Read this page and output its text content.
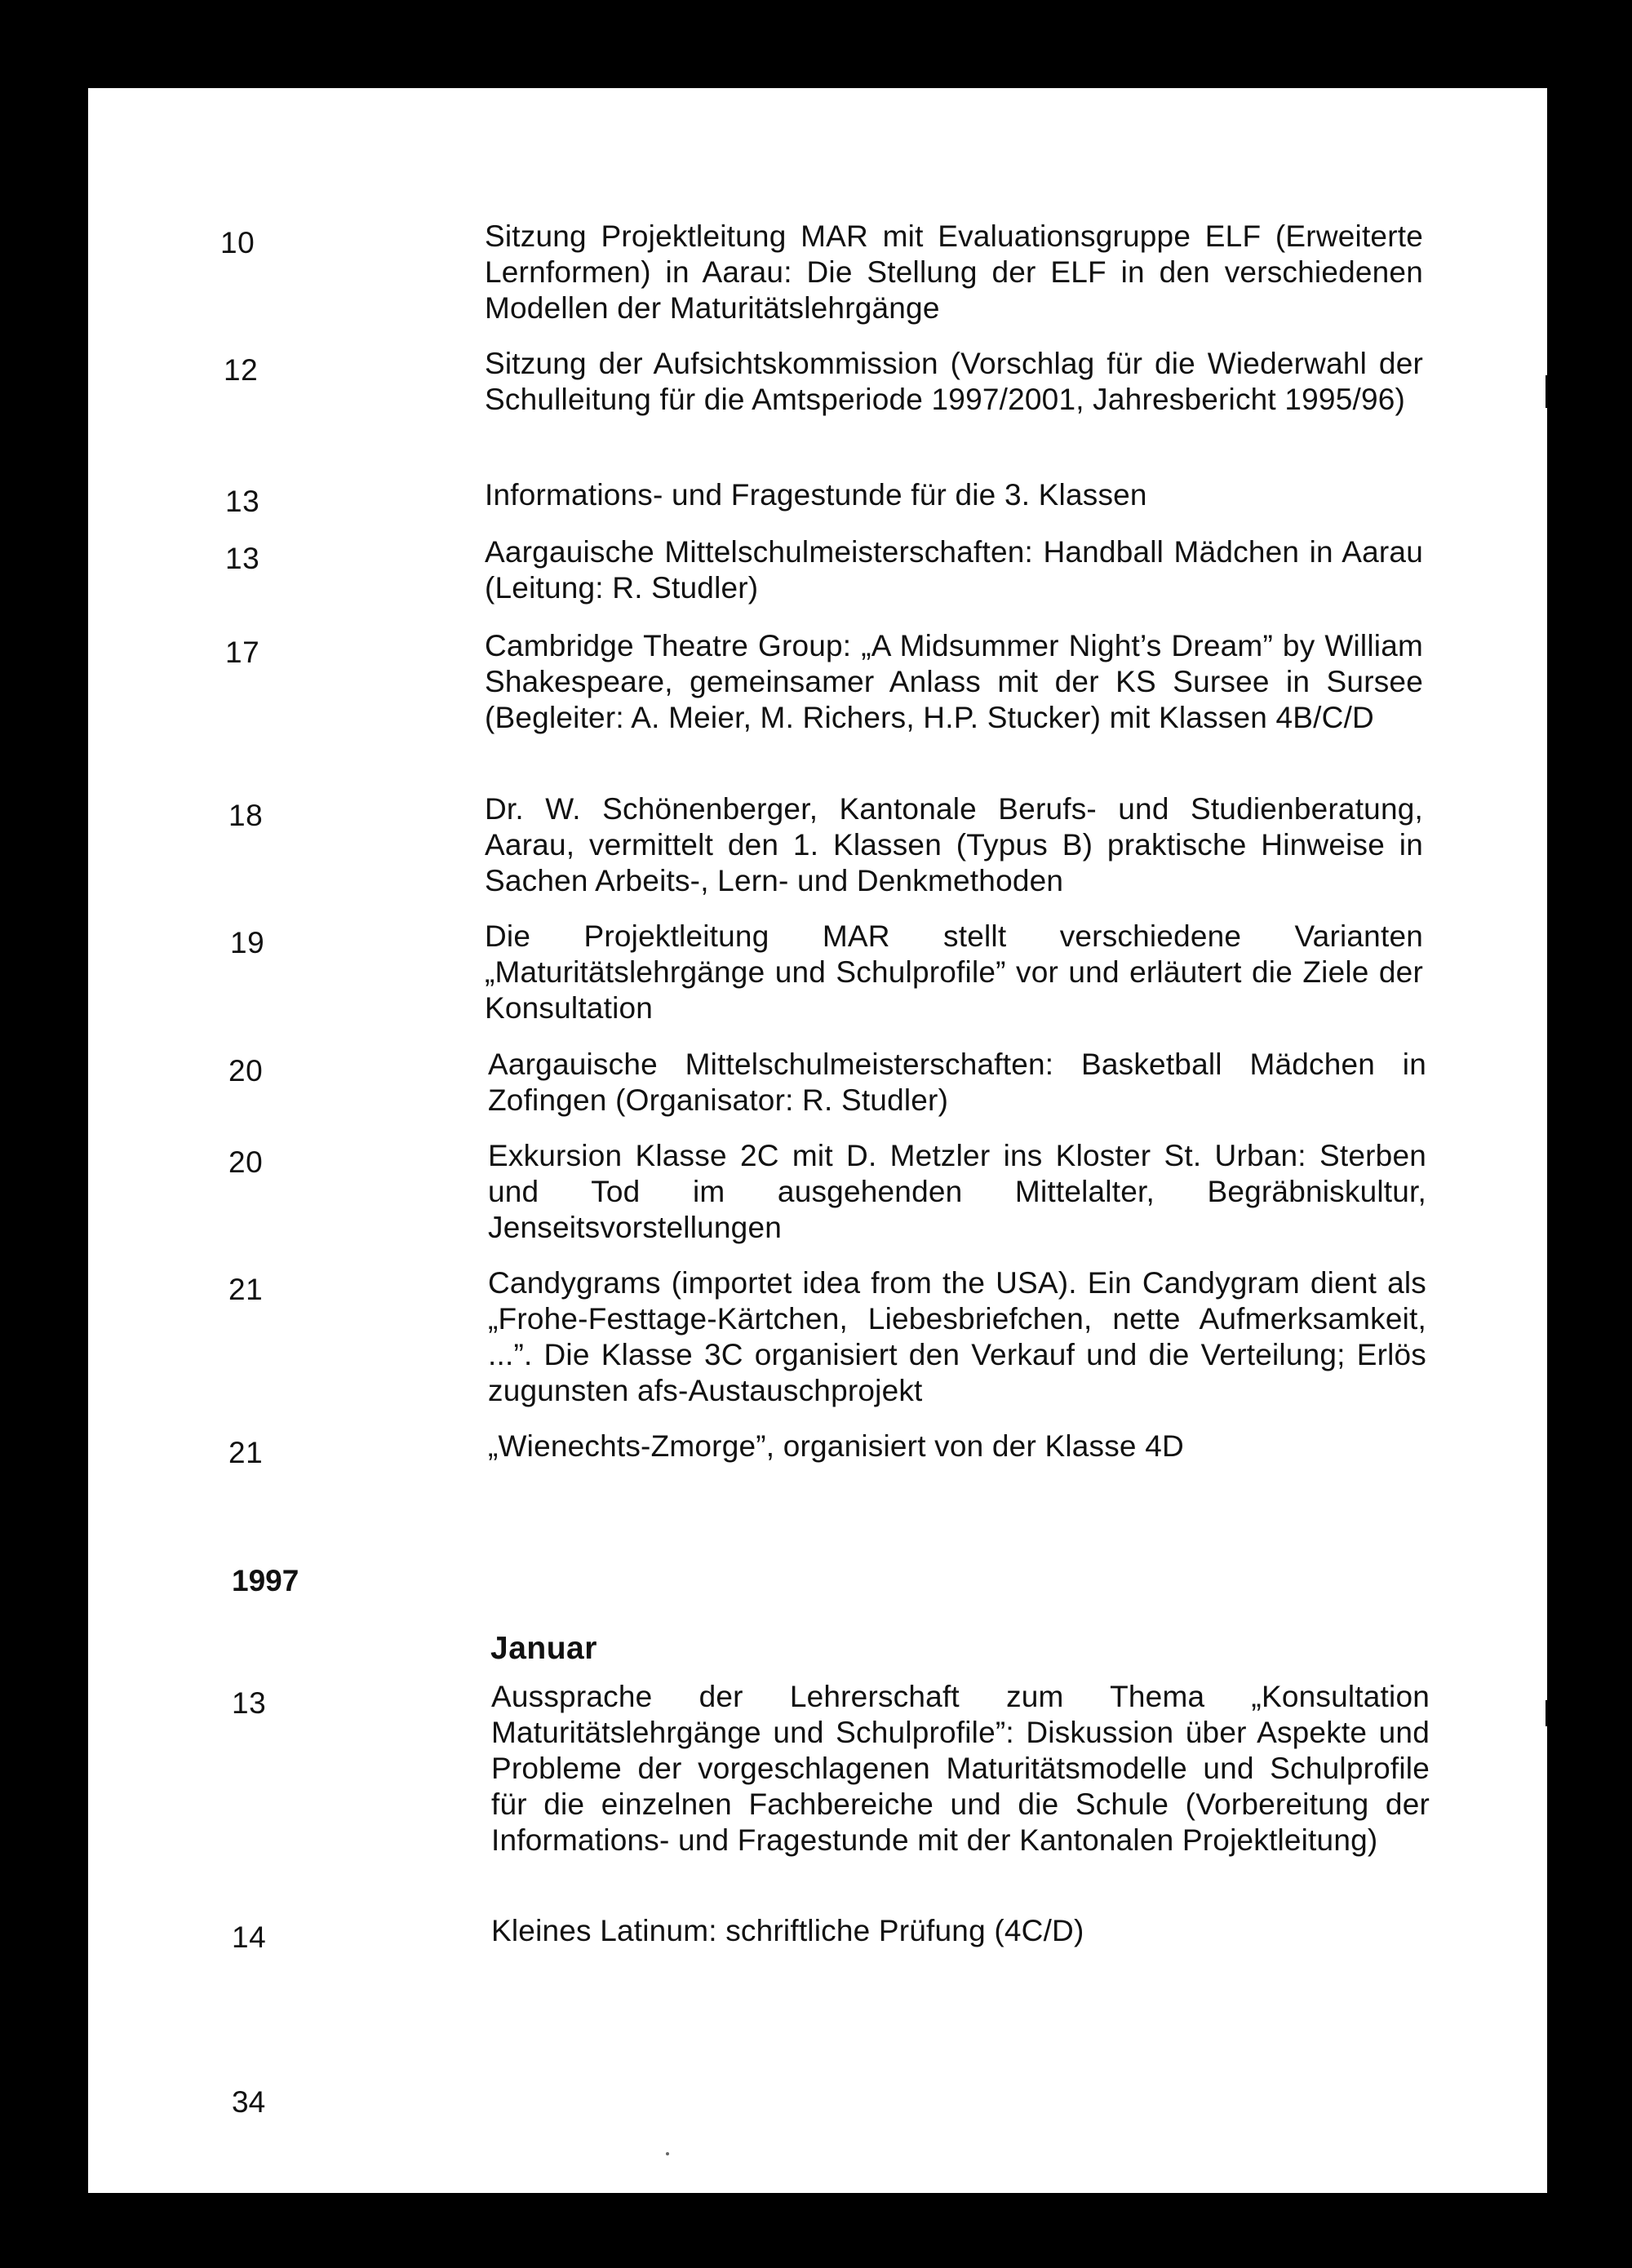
10	Sitzung Projektleitung MAR mit Evaluationsgruppe ELF (Erweiterte Lernformen) in Aarau: Die Stellung der ELF in den verschiedenen Modellen der Maturitätslehrgänge
12	Sitzung der Aufsichtskommission (Vorschlag für die Wiederwahl der Schulleitung für die Amtsperiode 1997/2001, Jahresbericht 1995/96)
13	Informations- und Fragestunde für die 3. Klassen
13	Aargauische Mittelschulmeisterschaften: Handball Mädchen in Aarau (Leitung: R. Studler)
17	Cambridge Theatre Group: „A Midsummer Night’s Dream” by William Shakespeare, gemeinsamer Anlass mit der KS Sursee in Sursee (Begleiter: A. Meier, M. Richers, H.P. Stucker) mit Klassen 4B/C/D
18	Dr. W. Schönenberger, Kantonale Berufs- und Studienberatung, Aarau, vermittelt den 1. Klassen (Typus B) praktische Hinweise in Sachen Arbeits-, Lern- und Denkmethoden
19	Die Projektleitung MAR stellt verschiedene Varianten „Maturitätslehrgänge und Schulprofile” vor und erläutert die Ziele der Konsultation
20	Aargauische Mittelschulmeisterschaften: Basketball Mädchen in Zofingen (Organisator: R. Studler)
20	Exkursion Klasse 2C mit D. Metzler ins Kloster St. Urban: Sterben und Tod im ausgehenden Mittelalter, Begräbniskultur, Jenseitsvorstellungen
21	Candygrams (importet idea from the USA). Ein Candygram dient als „Frohe-Festtage-Kärtchen, Liebesbriefchen, nette Aufmerksamkeit, ...”. Die Klasse 3C organisiert den Verkauf und die Verteilung; Erlös zugunsten afs-Austauschprojekt
21	„Wienechts-Zmorge”, organisiert von der Klasse 4D
1997
Januar
13	Aussprache der Lehrerschaft zum Thema „Konsultation Maturitätslehrgänge und Schulprofile”: Diskussion über Aspekte und Probleme der vorgeschlagenen Maturitätsmodelle und Schulprofile für die einzelnen Fachbereiche und die Schule (Vorbereitung der Informations- und Fragestunde mit der Kantonalen Projektleitung)
14	Kleines Latinum: schriftliche Prüfung (4C/D)
34
